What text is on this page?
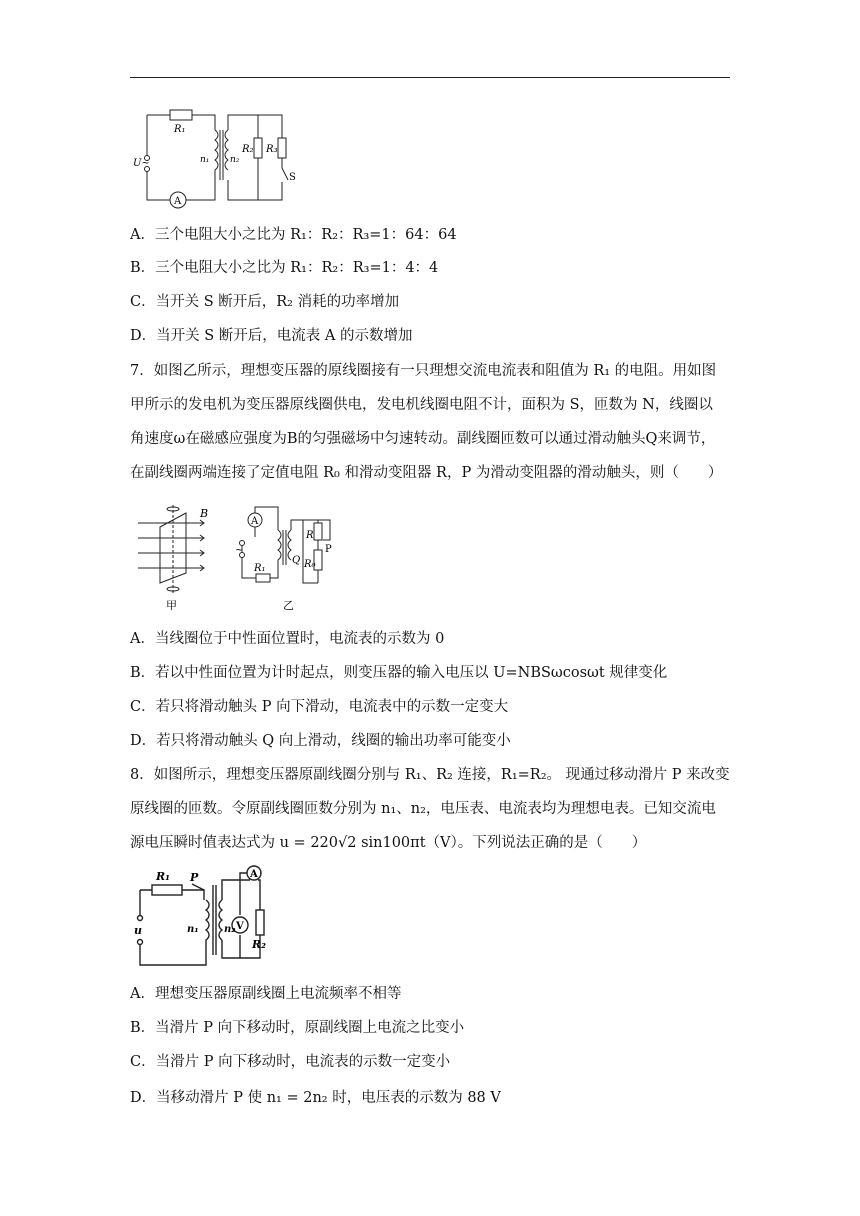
R₁
U~	n₁ n₂
R₂ R₃
S
A
A．三个电阻大小之比为 R₁：R₂：R₃=1：64：64
B．三个电阻大小之比为 R₁：R₂：R₃=1：4：4
C．当开关 S 断开后，R₂ 消耗的功率增加
D．当开关 S 断开后，电流表 A 的示数增加
7．如图乙所示，理想变压器的原线圈接有一只理想交流电流表和阻值为 R₁ 的电阻。用如图
甲所示的发电机为变压器原线圈供电，发电机线圈电阻不计，面积为 S，匝数为 N，线圈以
角速度ω在磁感应强度为B的匀强磁场中匀速转动。副线圈匝数可以通过滑动触头Q来调节，
在副线圈两端连接了定值电阻 R₀ 和滑动变阻器 R，P 为滑动变阻器的滑动触头，则（　　）
B
甲	乙
A
~
R₁
Q
R
P
R₀
A．当线圈位于中性面位置时，电流表的示数为 0
B．若以中性面位置为计时起点，则变压器的输入电压以 U=NBSωcosωt 规律变化
C．若只将滑动触头 P 向下滑动，电流表中的示数一定变大
D．若只将滑动触头 Q 向上滑动，线圈的输出功率可能变小
8．如图所示，理想变压器原副线圈分别与 R₁、R₂ 连接，R₁=R₂。 现通过移动滑片 P 来改变
原线圈的匝数。令原副线圈匝数分别为 n₁、n₂，电压表、电流表均为理想电表。已知交流电
源电压瞬时值表达式为 u = 220√2 sin100πt（V）。下列说法正确的是（　　）
R₁ P
u	n₁	n₂ V
A
R₂
A．理想变压器原副线圈上电流频率不相等
B．当滑片 P 向下移动时，原副线圈上电流之比变小
C．当滑片 P 向下移动时，电流表的示数一定变小
D．当移动滑片 P 使 n₁ = 2n₂ 时，电压表的示数为 88 V
